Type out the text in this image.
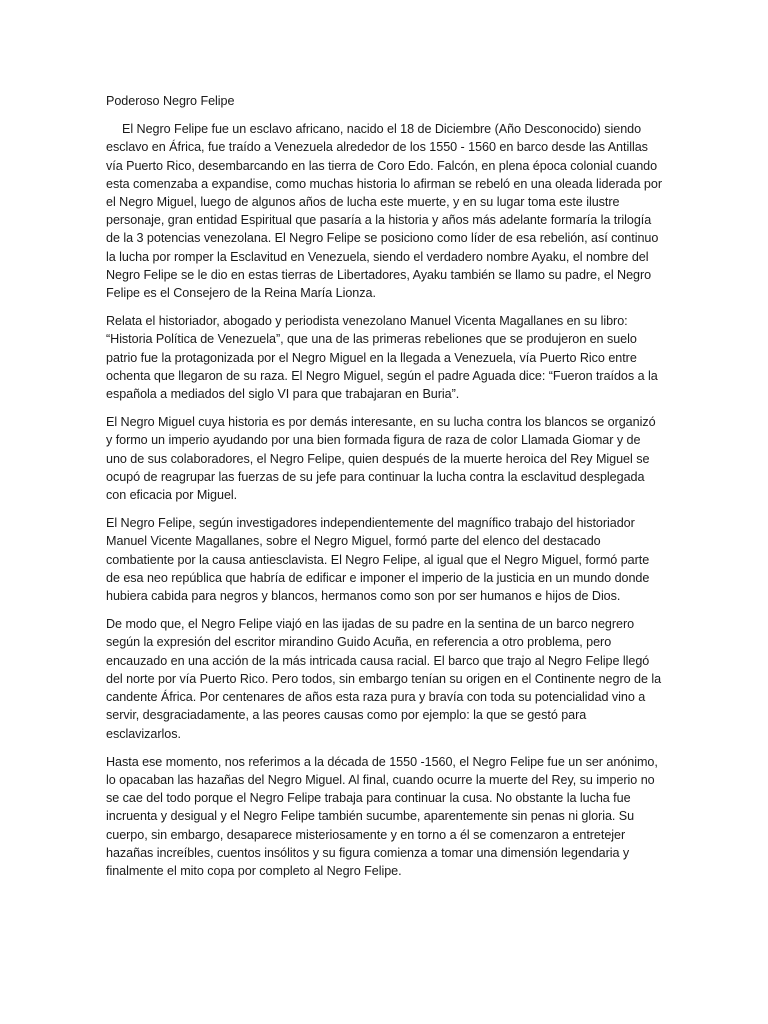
Poderoso Negro Felipe

El Negro Felipe fue un esclavo africano, nacido el 18 de Diciembre (Año Desconocido) siendo esclavo en África, fue traído a Venezuela alrededor de los 1550 - 1560 en barco desde las Antillas vía Puerto Rico, desembarcando en las tierra de Coro Edo. Falcón, en plena época colonial cuando esta comenzaba a expandise, como muchas historia lo afirman se rebeló en una oleada liderada por el Negro Miguel, luego de algunos años de lucha este muerte, y en su lugar toma este ilustre personaje, gran entidad Espiritual que pasaría a la historia y años más adelante formaría la trilogía de la 3 potencias venezolana. El Negro Felipe se posiciono como líder de esa rebelión, así continuo la lucha por romper la Esclavitud en Venezuela, siendo el verdadero nombre Ayaku, el nombre del Negro Felipe se le dio en estas tierras de Libertadores, Ayaku también se llamo su padre, el Negro Felipe es el Consejero de la Reina María Lionza.

Relata el historiador, abogado y periodista venezolano Manuel Vicenta Magallanes en su libro: “Historia Política de Venezuela”, que una de las primeras rebeliones que se produjeron en suelo patrio fue la protagonizada por el Negro Miguel en la llegada a Venezuela, vía Puerto Rico entre ochenta que llegaron de su raza. El Negro Miguel, según el padre Aguada dice: “Fueron traídos a la española a mediados del siglo VI para que trabajaran en Buria”.

El Negro Miguel cuya historia es por demás interesante, en su lucha contra los blancos se organizó y formo un imperio ayudando por una bien formada figura de raza de color Llamada Giomar y de uno de sus colaboradores, el Negro Felipe, quien después de la muerte heroica del Rey Miguel se ocupó de reagrupar las fuerzas de su jefe para continuar la lucha contra la esclavitud desplegada con eficacia por Miguel.

El Negro Felipe, según investigadores independientemente del magnífico trabajo del historiador Manuel Vicente Magallanes, sobre el Negro Miguel, formó parte del elenco del destacado combatiente por la causa antiesclavista. El Negro Felipe, al igual que el Negro Miguel, formó parte de esa neo república que habría de edificar e imponer el imperio de la justicia en un mundo donde hubiera cabida para negros y blancos, hermanos como son por ser humanos e hijos de Dios.

De modo que, el Negro Felipe viajó en las ijadas de su padre en la sentina de un barco negrero según la expresión del escritor mirandino Guido Acuña, en referencia a otro problema, pero encauzado en una acción de la más intricada causa racial. El barco que trajo al Negro Felipe llegó del norte por vía Puerto Rico. Pero todos, sin embargo tenían su origen en el Continente negro de la candente África. Por centenares de años esta raza pura y bravía con toda su potencialidad vino a servir, desgraciadamente, a las peores causas como por ejemplo: la que se gestó para esclavizarlos.

Hasta ese momento, nos referimos a la década de 1550 -1560, el Negro Felipe fue un ser anónimo, lo opacaban las hazañas del Negro Miguel. Al final, cuando ocurre la muerte del Rey, su imperio no se cae del todo porque el Negro Felipe trabaja para continuar la cusa. No obstante la lucha fue incruenta y desigual y el Negro Felipe también sucumbe, aparentemente sin penas ni gloria. Su cuerpo, sin embargo, desaparece misteriosamente y en torno a él se comenzaron a entretejer hazañas increíbles, cuentos insólitos y su figura comienza a tomar una dimensión legendaria y finalmente el mito copa por completo al Negro Felipe.
